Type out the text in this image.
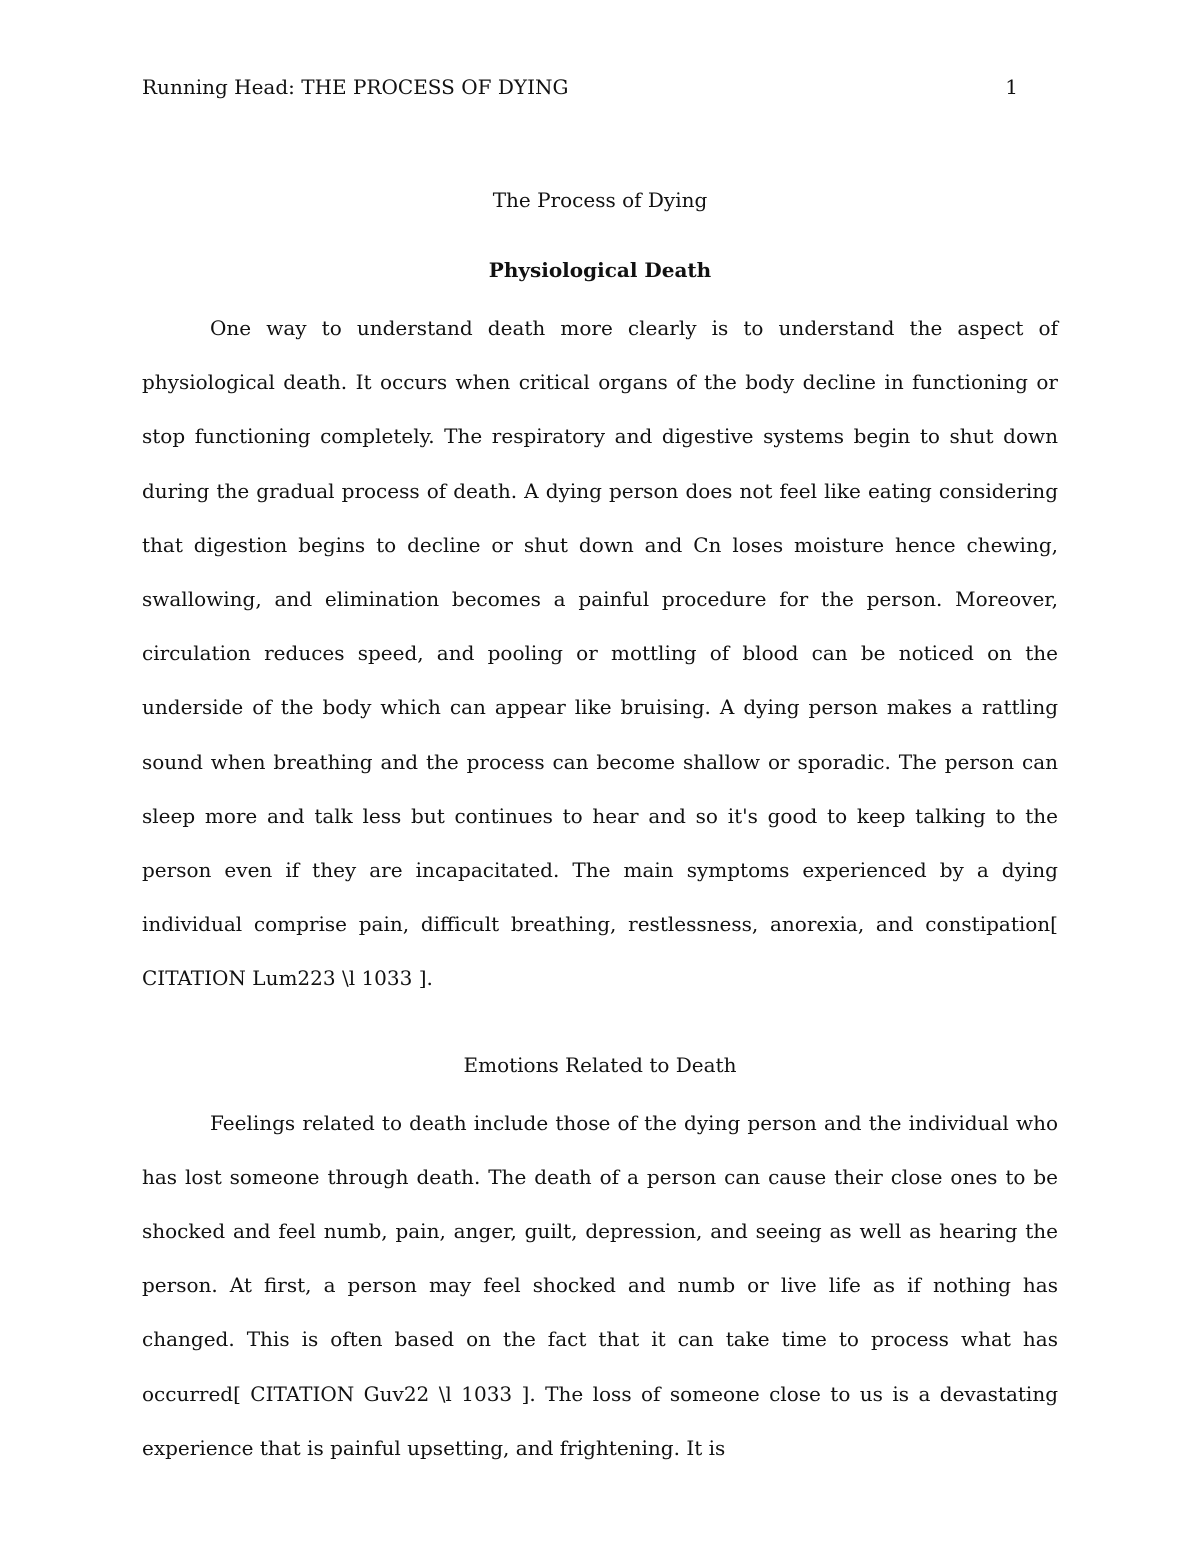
Running Head: THE PROCESS OF DYING	1
The Process of Dying
Physiological Death

One way to understand death more clearly is to understand the aspect of physiological death. It occurs when critical organs of the body decline in functioning or stop functioning completely. The respiratory and digestive systems begin to shut down during the gradual process of death. A dying person does not feel like eating considering that digestion begins to decline or shut down and Cn loses moisture hence chewing, swallowing, and elimination becomes a painful procedure for the person. Moreover, circulation reduces speed, and pooling or mottling of blood can be noticed on the underside of the body which can appear like bruising. A dying person makes a rattling sound when breathing and the process can become shallow or sporadic. The person can sleep more and talk less but continues to hear and so it's good to keep talking to the person even if they are incapacitated. The main symptoms experienced by a dying individual comprise pain, difficult breathing, restlessness, anorexia, and constipation[ CITATION Lum223 \l 1033 ].

Emotions Related to Death

Feelings related to death include those of the dying person and the individual who has lost someone through death. The death of a person can cause their close ones to be shocked and feel numb, pain, anger, guilt, depression, and seeing as well as hearing the person. At first, a person may feel shocked and numb or live life as if nothing has changed. This is often based on the fact that it can take time to process what has occurred[ CITATION Guv22 \l 1033 ]. The loss of someone close to us is a devastating experience that is painful upsetting, and frightening. It is
